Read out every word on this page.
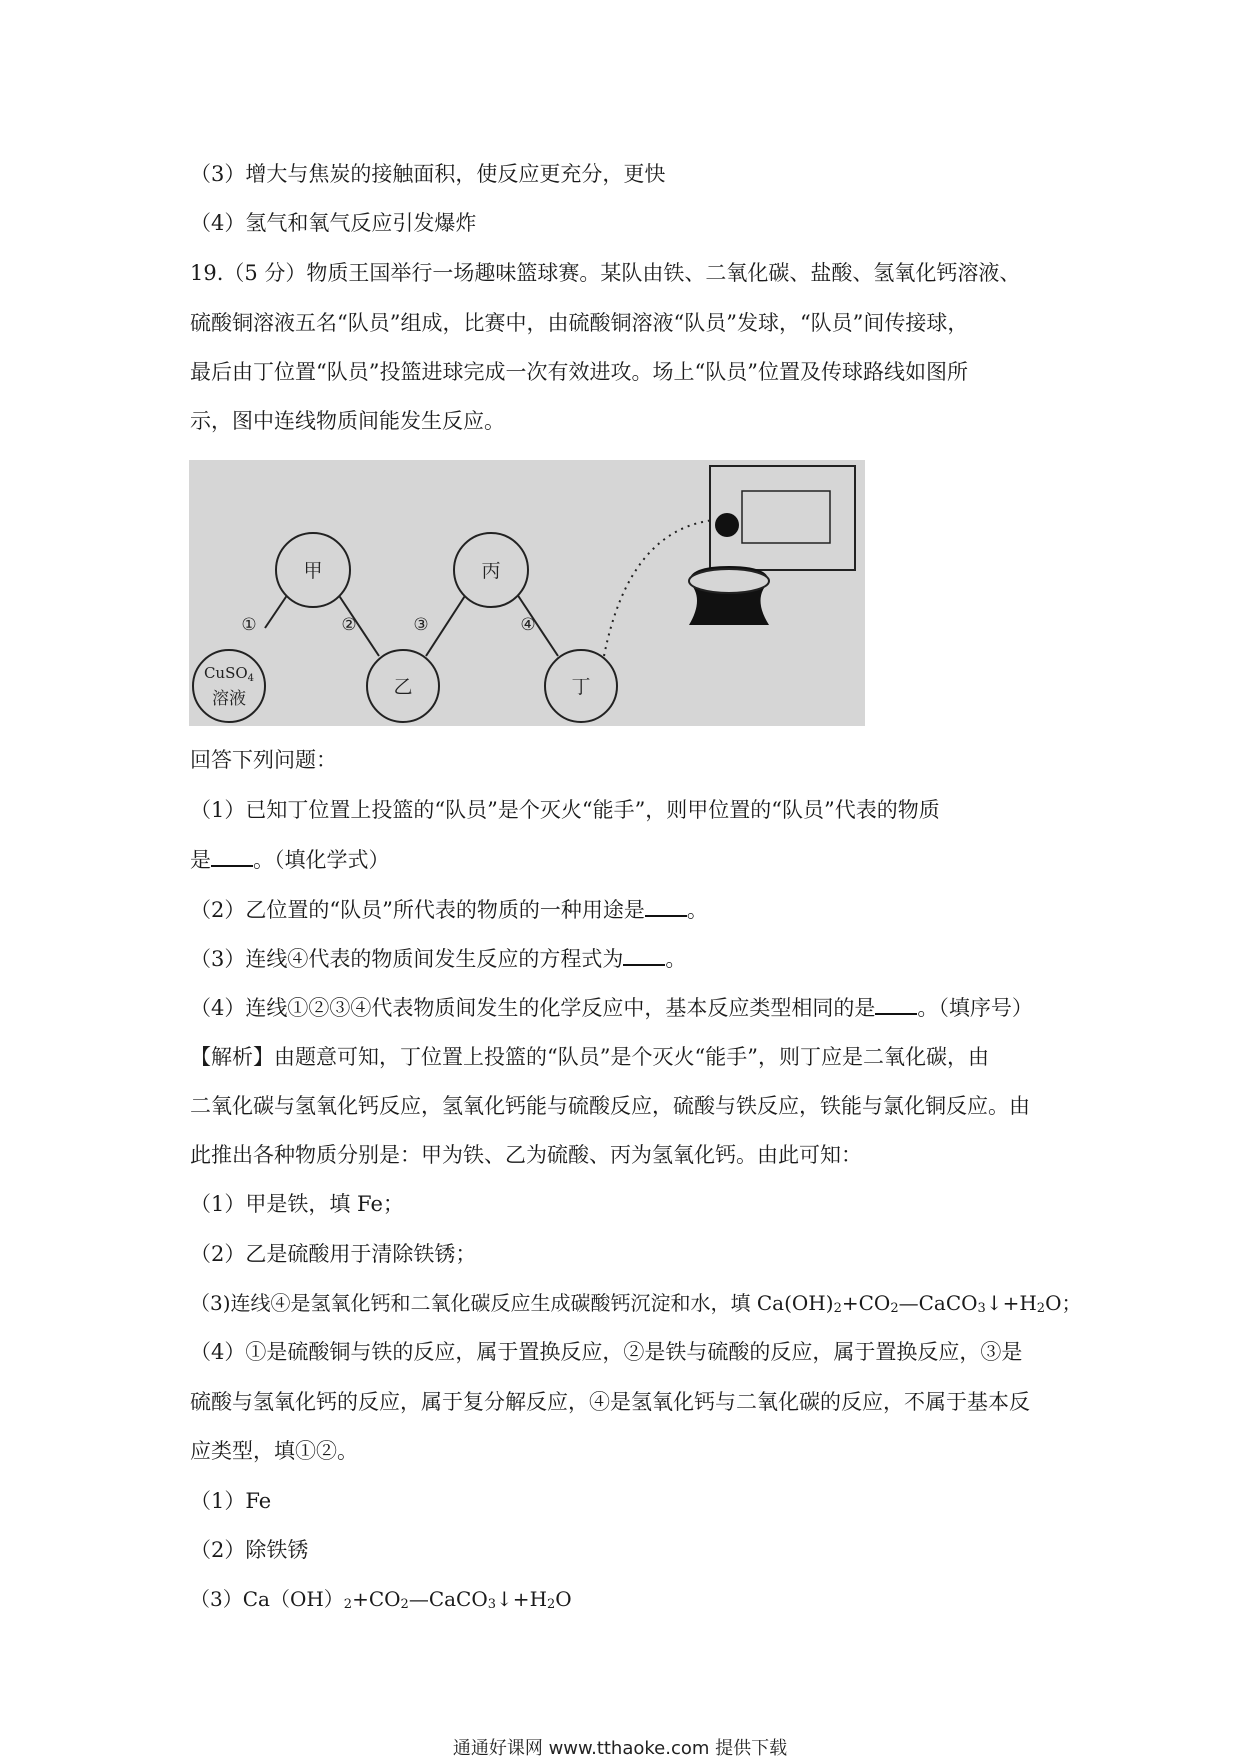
（3）增大与焦炭的接触面积，使反应更充分，更快
（4）氢气和氧气反应引发爆炸
19.（5 分）物质王国举行一场趣味篮球赛。某队由铁、二氧化碳、盐酸、氢氧化钙溶液、
硫酸铜溶液五名“队员”组成，比赛中，由硫酸铜溶液“队员”发球，“队员”间传接球，
最后由丁位置“队员”投篮进球完成一次有效进攻。场上“队员”位置及传球路线如图所
示，图中连线物质间能发生反应。
甲	丙
乙	丁
CuSO$_4$
溶液
①	②	③	④
回答下列问题：
（1）已知丁位置上投篮的“队员”是个灭火“能手”，则甲位置的“队员”代表的物质
是 。（填化学式）
（2）乙位置的“队员”所代表的物质的一种用途是 。
（3）连线④代表的物质间发生反应的方程式为 。
（4）连线①②③④代表物质间发生的化学反应中，基本反应类型相同的是 。（填序号）
【解析】由题意可知，丁位置上投篮的“队员”是个灭火“能手”，则丁应是二氧化碳，由
二氧化碳与氢氧化钙反应，氢氧化钙能与硫酸反应，硫酸与铁反应，铁能与氯化铜反应。由
此推出各种物质分别是：甲为铁、乙为硫酸、丙为氢氧化钙。由此可知：
（1）甲是铁，填 Fe；
（2）乙是硫酸用于清除铁锈；
（3)连线④是氢氧化钙和二氧化碳反应生成碳酸钙沉淀和水，填 $Ca(OH)_2+CO_2—CaCO_3↓+H_2O$；
（4）①是硫酸铜与铁的反应，属于置换反应，②是铁与硫酸的反应，属于置换反应，③是
硫酸与氢氧化钙的反应，属于复分解反应，④是氢氧化钙与二氧化碳的反应，不属于基本反
应类型，填①②。
（1）Fe
（2）除铁锈
$(3)Ca(OH)_2+CO_2—CaCO_3↓+H_2O$
通通好课网 www.tthaoke.com 提供下载
